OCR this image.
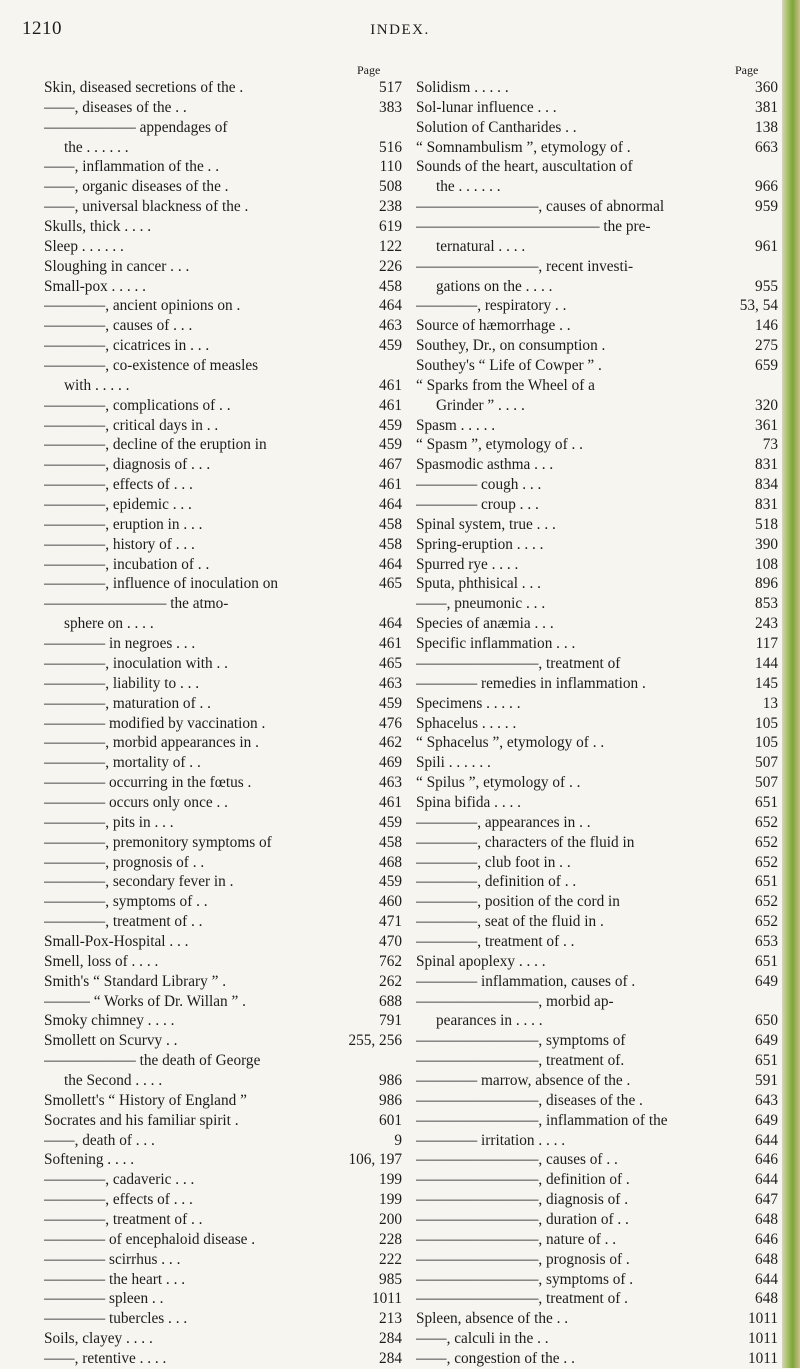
1210	INDEX.
Page	Page
Skin, diseased secretions of the .	517
——, diseases of the . .	383
—————— appendages of
the . . . . . .	516
——, inflammation of the . .	110
——, organic diseases of the .	508
——, universal blackness of the .	238
Skulls, thick . . . .	619
Sleep . . . . . .	122
Sloughing in cancer . . .	226
Small-pox . . . . .	458
————, ancient opinions on .	464
————, causes of . . .	463
————, cicatrices in . . .	459
————, co-existence of measles
with . . . . .	461
————, complications of . .	461
————, critical days in . .	459
————, decline of the eruption in	459
————, diagnosis of . . .	467
————, effects of . . .	461
————, epidemic . . .	464
————, eruption in . . .	458
————, history of . . .	458
————, incubation of . .	464
————, influence of inoculation on	465
———————— the atmo-
sphere on . . . .	464
———— in negroes . . .	461
————, inoculation with . .	465
————, liability to . . .	463
————, maturation of . .	459
———— modified by vaccination .	476
————, morbid appearances in .	462
————, mortality of . .	469
———— occurring in the fœtus .	463
———— occurs only once . .	461
————, pits in . . .	459
————, premonitory symptoms of	458
————, prognosis of . .	468
————, secondary fever in .	459
————, symptoms of . .	460
————, treatment of . .	471
Small-Pox-Hospital . . .	470
Smell, loss of . . . .	762
Smith's “ Standard Library ” .	262
——— “ Works of Dr. Willan ” .	688
Smoky chimney . . . .	791
Smollett on Scurvy . .	255, 256
—————— the death of George
the Second . . . .	986
Smollett's “ History of England ”	986
Socrates and his familiar spirit .	601
——, death of . . .	9
Softening . . . .	106, 197
————, cadaveric . . .	199
————, effects of . . .	199
————, treatment of . .	200
———— of encephaloid disease .	228
———— scirrhus . . .	222
———— the heart . . .	985
———— spleen . .	1011
———— tubercles . . .	213
Soils, clayey . . . .	284
——, retentive . . . .	284
Solidism . . . . .	360
Sol-lunar influence . . .	381
Solution of Cantharides . .	138
“ Somnambulism ”, etymology of .	663
Sounds of the heart, auscultation of
the . . . . . .	966
————————, causes of abnormal	959
———————————— the pre-
ternatural . . . .	961
————————, recent investi-
gations on the . . . .	955
————, respiratory . .	53, 54
Source of hæmorrhage . .	146
Southey, Dr., on consumption .	275
Southey's “ Life of Cowper ” .	659
“ Sparks from the Wheel of a
Grinder ” . . . .	320
Spasm . . . . .	361
“ Spasm ”, etymology of . .	73
Spasmodic asthma . . .	831
———— cough . . .	834
———— croup . . .	831
Spinal system, true . . .	518
Spring-eruption . . . .	390
Spurred rye . . . .	108
Sputa, phthisical . . .	896
——, pneumonic . . .	853
Species of anæmia . . .	243
Specific inflammation . . .	117
————————, treatment of	144
———— remedies in inflammation .	145
Specimens . . . . .	13
Sphacelus . . . . .	105
“ Sphacelus ”, etymology of . .	105
Spili . . . . . .	507
“ Spilus ”, etymology of . .	507
Spina bifida . . . .	651
————, appearances in . .	652
————, characters of the fluid in	652
————, club foot in . .	652
————, definition of . .	651
————, position of the cord in	652
————, seat of the fluid in .	652
————, treatment of . .	653
Spinal apoplexy . . . .	651
———— inflammation, causes of .	649
————————, morbid ap-
pearances in . . . .	650
————————, symptoms of	649
————————, treatment of.	651
———— marrow, absence of the .	591
————————, diseases of the .	643
————————, inflammation of the	649
———— irritation . . . .	644
————————, causes of . .	646
————————, definition of .	644
————————, diagnosis of .	647
————————, duration of . .	648
————————, nature of . .	646
————————, prognosis of .	648
————————, symptoms of .	644
————————, treatment of .	648
Spleen, absence of the . .	1011
——, calculi in the . .	1011
——, congestion of the . .	1011
